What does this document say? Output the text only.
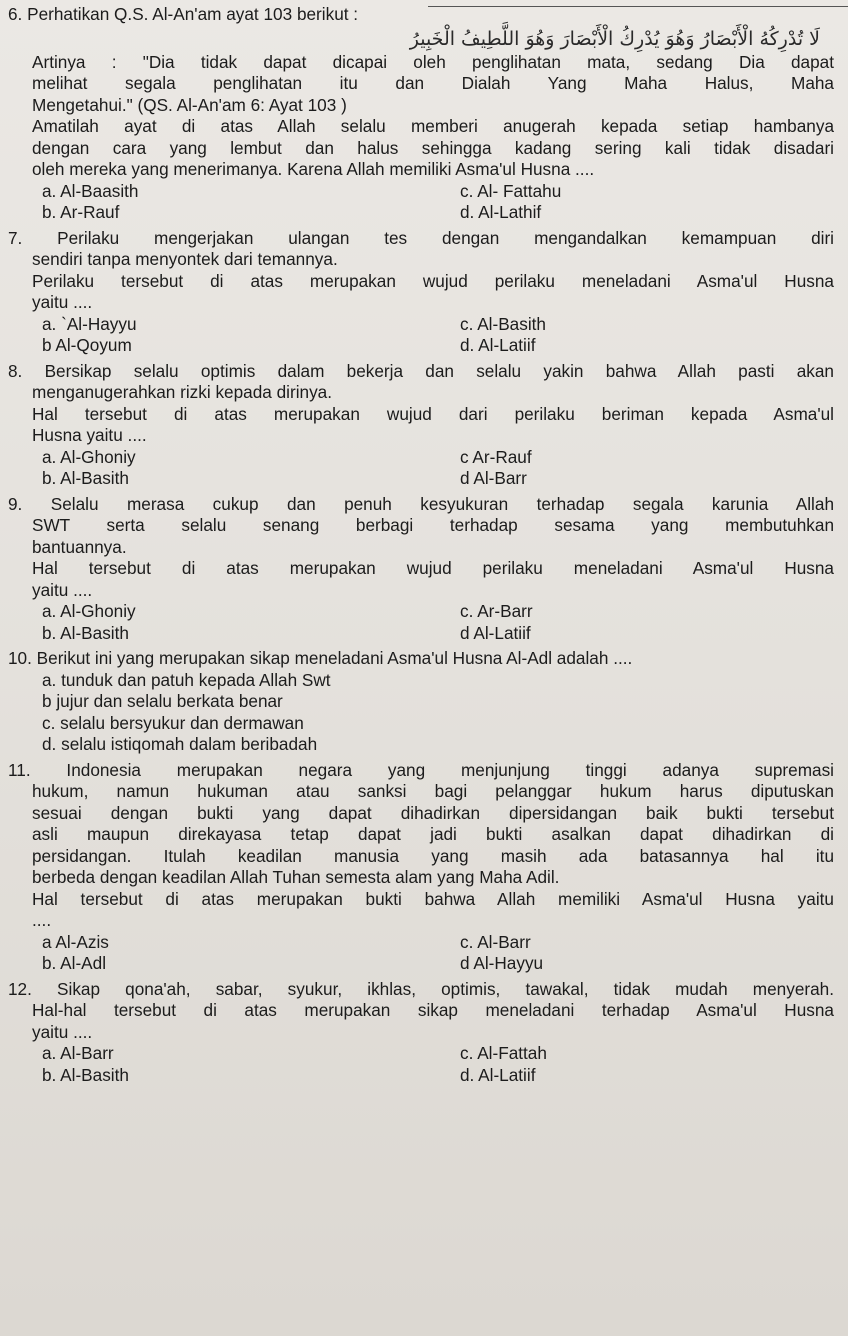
6. Perhatikan Q.S. Al-An'am ayat 103 berikut :
لَا تُدْرِكُهُ الْأَبْصَارُ وَهُوَ يُدْرِكُ الْأَبْصَارَ وَهُوَ اللَّطِيفُ الْخَبِيرُ
Artinya : "Dia tidak dapat dicapai oleh penglihatan mata, sedang Dia dapat
melihat segala penglihatan itu dan Dialah Yang Maha Halus, Maha
Mengetahui." (QS. Al-An'am 6: Ayat 103 )
Amatilah ayat di atas Allah selalu memberi anugerah kepada setiap hambanya
dengan cara yang lembut dan halus sehingga kadang sering kali tidak disadari
oleh mereka yang menerimanya. Karena Allah memiliki Asma'ul Husna ....
a. Al-Baasith	c. Al- Fattahu
b. Ar-Rauf	d. Al-Lathif
7. Perilaku mengerjakan ulangan tes dengan mengandalkan kemampuan diri
sendiri tanpa menyontek dari temannya.
Perilaku tersebut di atas merupakan wujud perilaku meneladani Asma'ul Husna
yaitu ....
a. `Al-Hayyu	c. Al-Basith
b Al-Qoyum	d. Al-Latiif
8. Bersikap selalu optimis dalam bekerja dan selalu yakin bahwa Allah pasti akan
menganugerahkan rizki kepada dirinya.
Hal tersebut di atas merupakan wujud dari perilaku beriman kepada Asma'ul
Husna yaitu ....
a. Al-Ghoniy	c Ar-Rauf
b. Al-Basith	d Al-Barr
9. Selalu merasa cukup dan penuh kesyukuran terhadap segala karunia Allah
SWT serta selalu senang berbagi terhadap sesama yang membutuhkan
bantuannya.
Hal tersebut di atas merupakan wujud perilaku meneladani Asma'ul Husna
yaitu ....
a. Al-Ghoniy	c. Ar-Barr
b. Al-Basith	d Al-Latiif
10. Berikut ini yang merupakan sikap meneladani Asma'ul Husna Al-Adl adalah ....
a. tunduk dan patuh kepada Allah Swt
b jujur dan selalu berkata benar
c. selalu bersyukur dan dermawan
d. selalu istiqomah dalam beribadah
11. Indonesia merupakan negara yang menjunjung tinggi adanya supremasi
hukum, namun hukuman atau sanksi bagi pelanggar hukum harus diputuskan
sesuai dengan bukti yang dapat dihadirkan dipersidangan baik bukti tersebut
asli maupun direkayasa tetap dapat jadi bukti asalkan dapat dihadirkan di
persidangan. Itulah keadilan manusia yang masih ada batasannya hal itu
berbeda dengan keadilan Allah Tuhan semesta alam yang Maha Adil.
Hal tersebut di atas merupakan bukti bahwa Allah memiliki Asma'ul Husna yaitu
....
a Al-Azis	c. Al-Barr
b. Al-Adl	d Al-Hayyu
12. Sikap qona'ah, sabar, syukur, ikhlas, optimis, tawakal, tidak mudah menyerah.
Hal-hal tersebut di atas merupakan sikap meneladani terhadap Asma'ul Husna
yaitu ....
a. Al-Barr	c. Al-Fattah
b. Al-Basith	d. Al-Latiif
